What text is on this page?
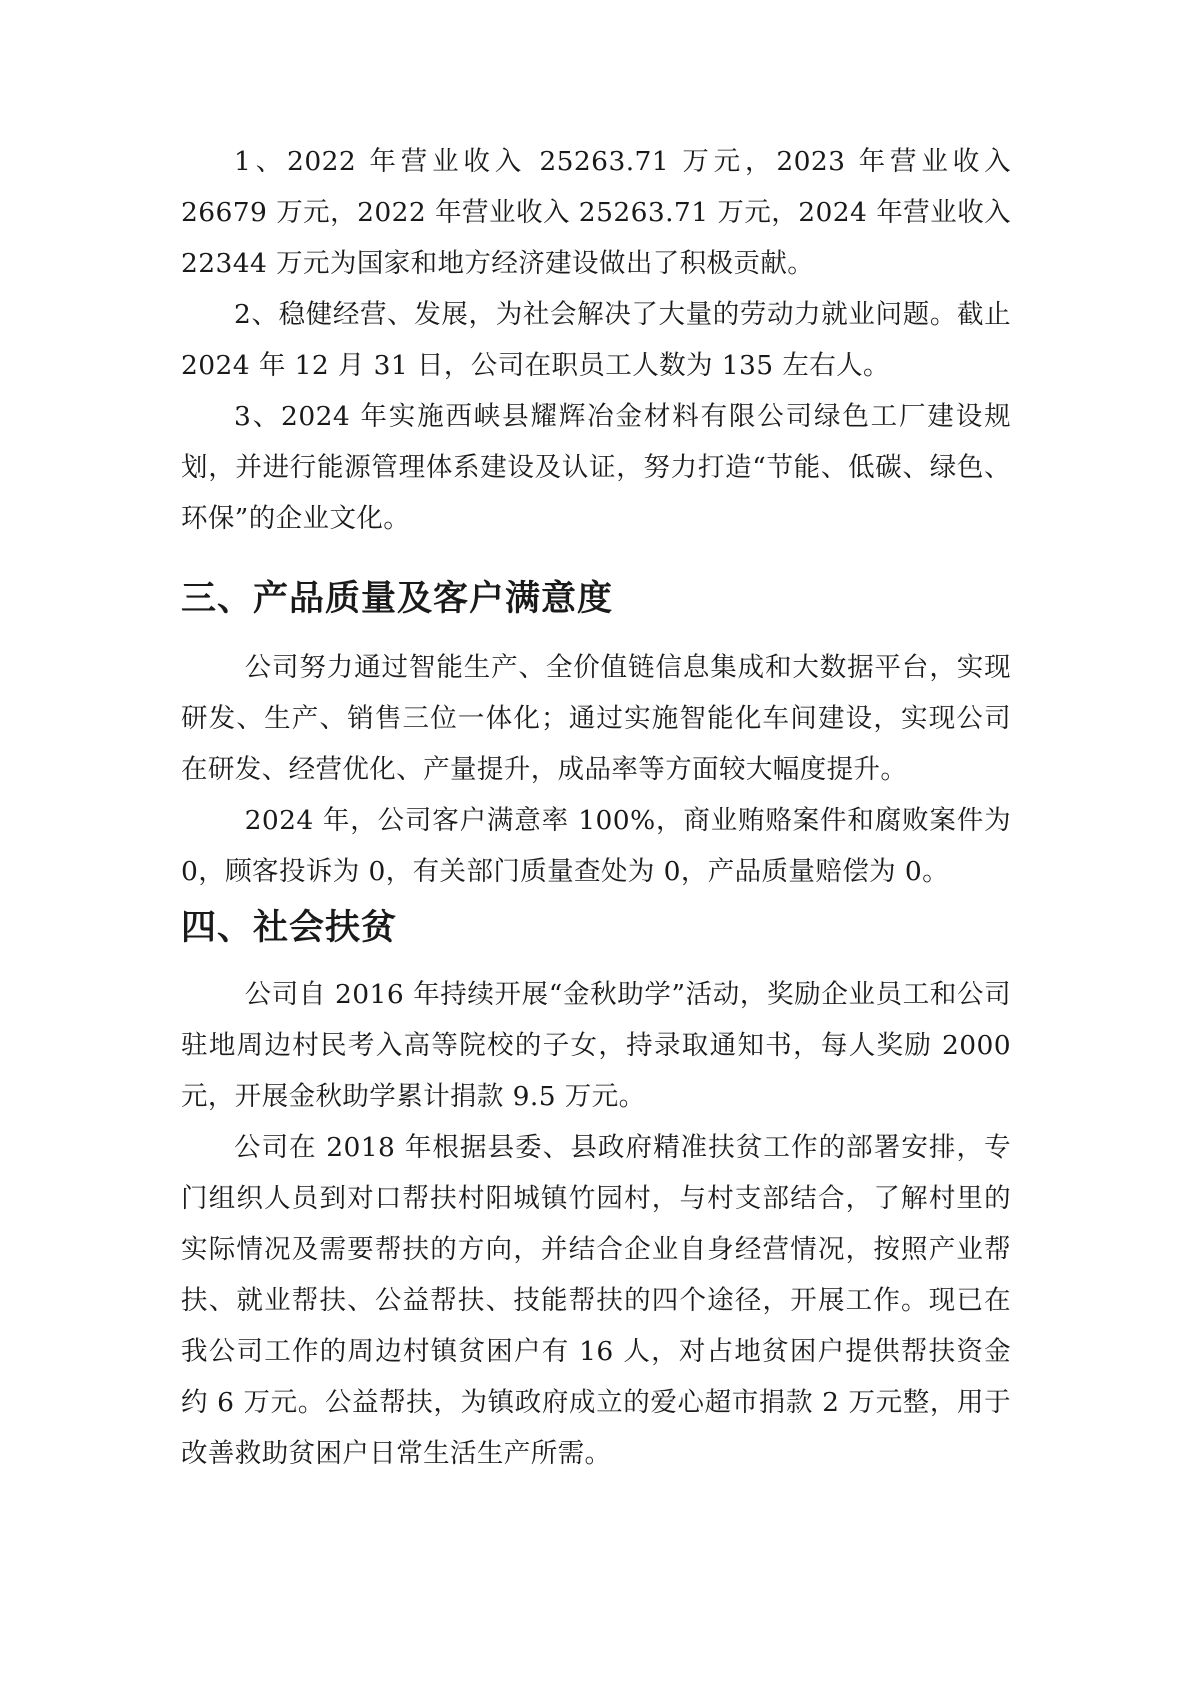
1、2022 年营业收入 25263.71 万元，2023 年营业收入 26679 万元，2022 年营业收入 25263.71 万元，2024 年营业收入 22344 万元为国家和地方经济建设做出了积极贡献。

2、稳健经营、发展，为社会解决了大量的劳动力就业问题。截止 2024 年 12 月 31 日，公司在职员工人数为 135 左右人。

3、2024 年实施西峡县耀辉冶金材料有限公司绿色工厂建设规划，并进行能源管理体系建设及认证，努力打造“节能、低碳、绿色、环保”的企业文化。

三、产品质量及客户满意度

公司努力通过智能生产、全价值链信息集成和大数据平台，实现研发、生产、销售三位一体化；通过实施智能化车间建设，实现公司在研发、经营优化、产量提升，成品率等方面较大幅度提升。

2024 年，公司客户满意率 100%，商业贿赂案件和腐败案件为 0，顾客投诉为 0，有关部门质量查处为 0，产品质量赔偿为 0。

四、社会扶贫

公司自 2016 年持续开展“金秋助学”活动，奖励企业员工和公司驻地周边村民考入高等院校的子女，持录取通知书，每人奖励 2000 元，开展金秋助学累计捐款 9.5 万元。

公司在 2018 年根据县委、县政府精准扶贫工作的部署安排，专门组织人员到对口帮扶村阳城镇竹园村，与村支部结合，了解村里的实际情况及需要帮扶的方向，并结合企业自身经营情况，按照产业帮扶、就业帮扶、公益帮扶、技能帮扶的四个途径，开展工作。现已在我公司工作的周边村镇贫困户有 16 人，对占地贫困户提供帮扶资金约 6 万元。公益帮扶，为镇政府成立的爱心超市捐款 2 万元整，用于改善救助贫困户日常生活生产所需。
